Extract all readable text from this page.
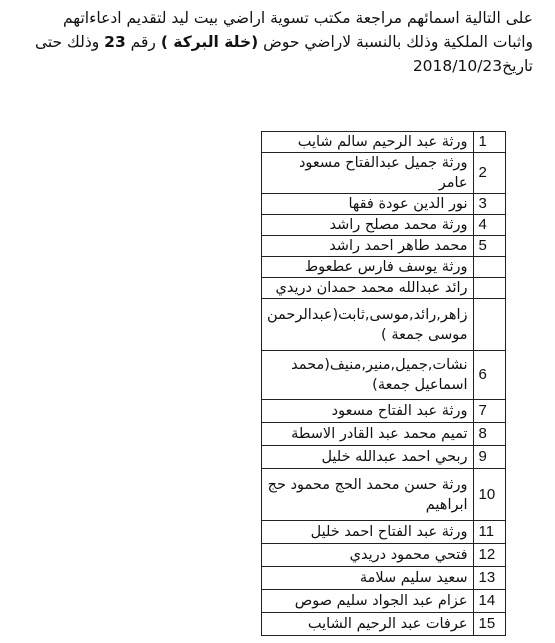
على التالية اسمائهم مراجعة مكتب تسوية اراضي بيت ليد لتقديم ادعاءاتهم

واثبات الملكية وذلك بالنسبة لاراضي حوض (خلة البركة ) رقم 23 وذلك حتى

تاريخ2018/10/23

1	ورثة عبد الرحيم سالم شايب
2	ورثة جميل عبدالفتاح مسعود عامر
3	نور الدين عودة فقها
4	ورثة محمد مصلح راشد
5	محمد طاهر احمد راشد
	ورثة يوسف فارس عطعوط
	رائد عبدالله محمد حمدان دريدي
	زاهر,رائد,موسى,ثابت(عبدالرحمن موسى جمعة )
6	نشات,جميل,منير,منيف(محمد اسماعيل جمعة)
7	ورثة عبد الفتاح مسعود
8	تميم محمد عبد القادر الاسطة
9	ربحي احمد عبدالله خليل
10	ورثة حسن محمد الحج محمود حج ابراهيم
11	ورثة عبد الفتاح احمد خليل
12	فتحي محمود دريدي
13	سعيد سليم سلامة
14	عزام عبد الجواد سليم صوص
15	عرفات عبد الرحيم الشايب
